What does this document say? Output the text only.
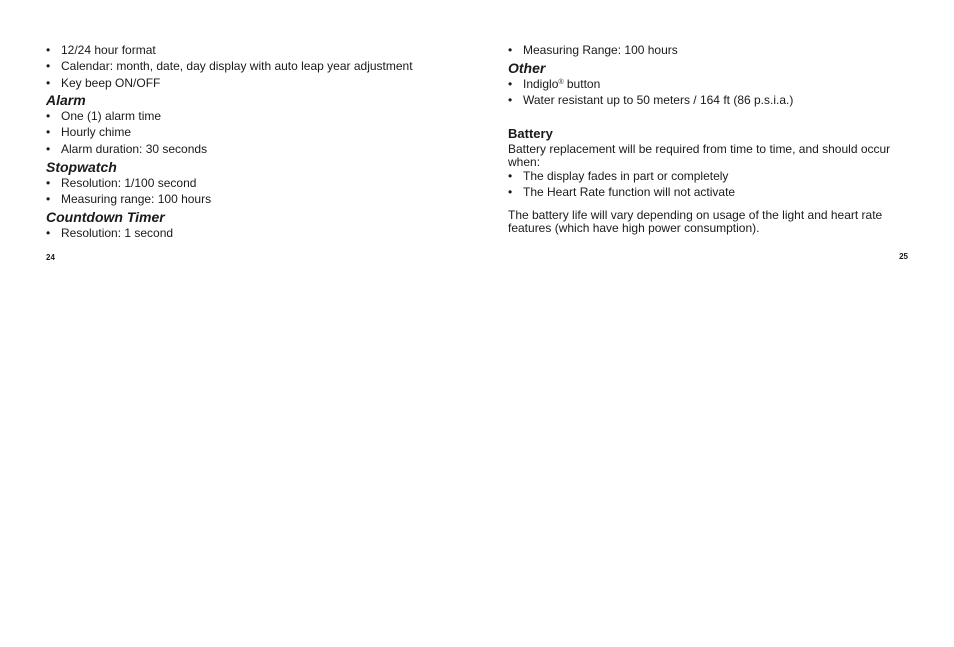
• 12/24 hour format
• Calendar: month, date, day display with auto leap year adjustment
• Key beep ON/OFF
Alarm
• One (1) alarm time
• Hourly chime
• Alarm duration: 30 seconds
Stopwatch
• Resolution: 1/100 second
• Measuring range: 100 hours
Countdown Timer
• Resolution: 1 second
24
• Measuring Range: 100 hours
Other
• Indiglo® button
• Water resistant up to 50 meters / 164 ft (86 p.s.i.a.)
Battery

Battery replacement will be required from time to time, and should occur when:

• The display fades in part or completely
• The Heart Rate function will not activate

The battery life will vary depending on usage of the light and heart rate features (which have high power consumption).

25
